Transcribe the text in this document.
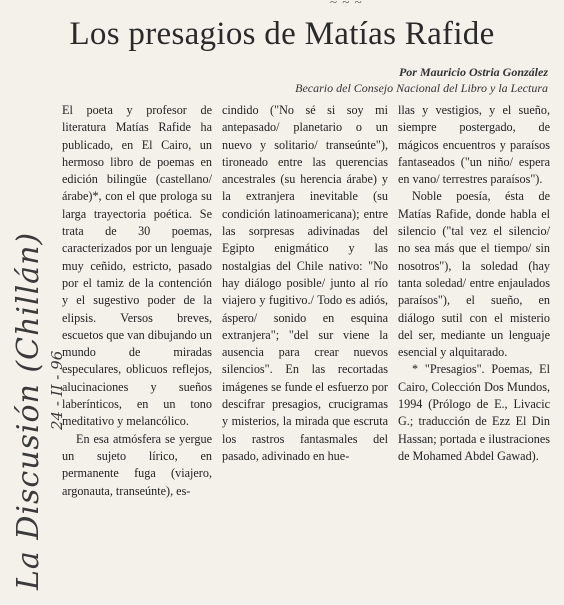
~ ~ ~
Los presagios de Matías Rafide
Por Mauricio Ostria González
Becario del Consejo Nacional del Libro y la Lectura
La Discusión (Chillán) 24 - II - 96

El poeta y profesor de literatura Matías Rafide ha publicado, en El Cairo, un hermoso libro de poemas en edición bilingüe (castellano/árabe)*, con el que prologa su larga trayectoria poética. Se trata de 30 poemas, caracterizados por un lenguaje muy ceñido, estricto, pasado por el tamiz de la contención y el sugestivo poder de la elipsis. Versos breves, escuetos que van dibujando un mundo de miradas especulares, oblicuos reflejos, alucinaciones y sueños laberínticos, en un tono meditativo y melancólico.

En esa atmósfera se yergue un sujeto lírico, en permanente fuga (viajero, argonauta, transeúnte), es-

cindido ("No sé si soy mi antepasado/ planetario o un nuevo y solitario/ transeúnte"), tironeado entre las querencias ancestrales (su herencia árabe) y la extranjera inevitable (su condición latinoamericana); entre las sorpresas adivinadas del Egipto enigmático y las nostalgias del Chile nativo: "No hay diálogo posible/ junto al río viajero y fugitivo./ Todo es adiós, áspero/ sonido en esquina extranjera"; "del sur viene la ausencia para crear nuevos silencios". En las recortadas imágenes se funde el esfuerzo por descifrar presagios, crucigramas y misterios, la mirada que escruta los rastros fantasmales del pasado, adivinado en hue-

llas y vestigios, y el sueño, siempre postergado, de mágicos encuentros y paraísos fantaseados ("un niño/ espera en vano/ terrestres paraísos").

Noble poesía, ésta de Matías Rafide, donde habla el silencio ("tal vez el silencio/ no sea más que el tiempo/ sin nosotros"), la soledad (hay tanta soledad/ entre enjaulados paraísos"), el sueño, en diálogo sutil con el misterio del ser, mediante un lenguaje esencial y alquitarado.

* "Presagios". Poemas, El Cairo, Colección Dos Mundos, 1994 (Prólogo de E., Livacic G.; traducción de Ezz El Din Hassan; portada e ilustraciones de Mohamed Abdel Gawad).
